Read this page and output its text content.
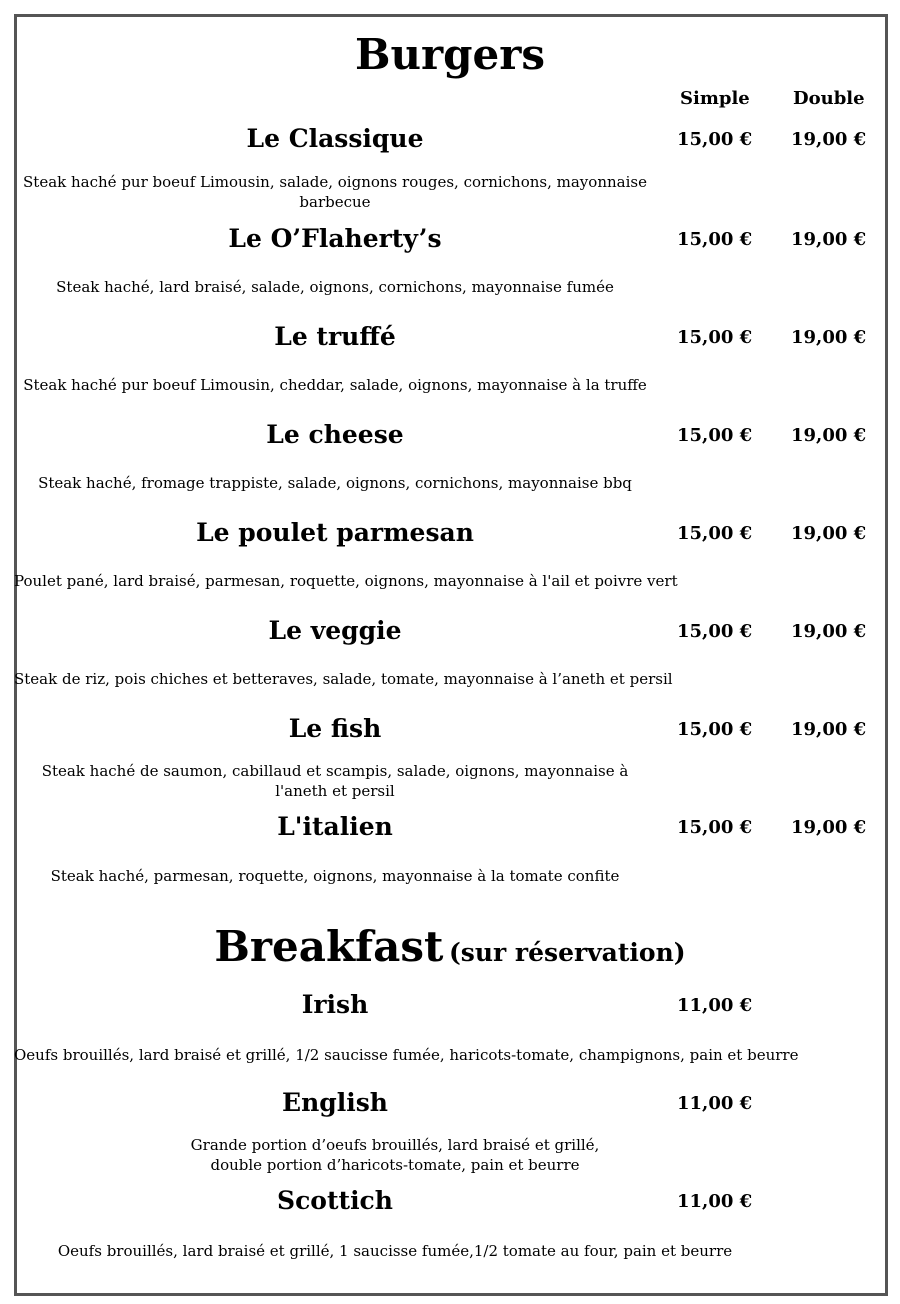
Burgers
Simple Double
Le Classique	15,00 € 19,00 €
Steak haché pur boeuf Limousin, salade, oignons rouges, cornichons, mayonnaise barbecue
Le O’Flaherty’s	15,00 € 19,00 €
Steak haché, lard braisé, salade, oignons, cornichons, mayonnaise fumée
Le truffé	15,00 € 19,00 €
Steak haché pur boeuf Limousin, cheddar, salade, oignons, mayonnaise à la truffe
Le cheese	15,00 € 19,00 €
Steak haché, fromage trappiste, salade, oignons, cornichons, mayonnaise bbq
Le poulet parmesan	15,00 € 19,00 €
Poulet pané, lard braisé, parmesan, roquette, oignons, mayonnaise à l'ail et poivre vert
Le veggie	15,00 € 19,00 €
Steak de riz, pois chiches et betteraves, salade, tomate, mayonnaise à l’aneth et persil
Le fish	15,00 € 19,00 €
Steak haché de saumon, cabillaud et scampis, salade, oignons, mayonnaise à l'aneth et persil
L'italien	15,00 € 19,00 €
Steak haché, parmesan, roquette, oignons, mayonnaise à la tomate confite
Breakfast (sur réservation)
Irish	11,00 €
Oeufs brouillés, lard braisé et grillé, 1/2 saucisse fumée, haricots-tomate, champignons, pain et beurre
English	11,00 €
Grande portion d’oeufs brouillés, lard braisé et grillé,
double portion d’haricots-tomate, pain et beurre
Scottich	11,00 €
Oeufs brouillés, lard braisé et grillé, 1 saucisse fumée,1/2 tomate au four, pain et beurre
